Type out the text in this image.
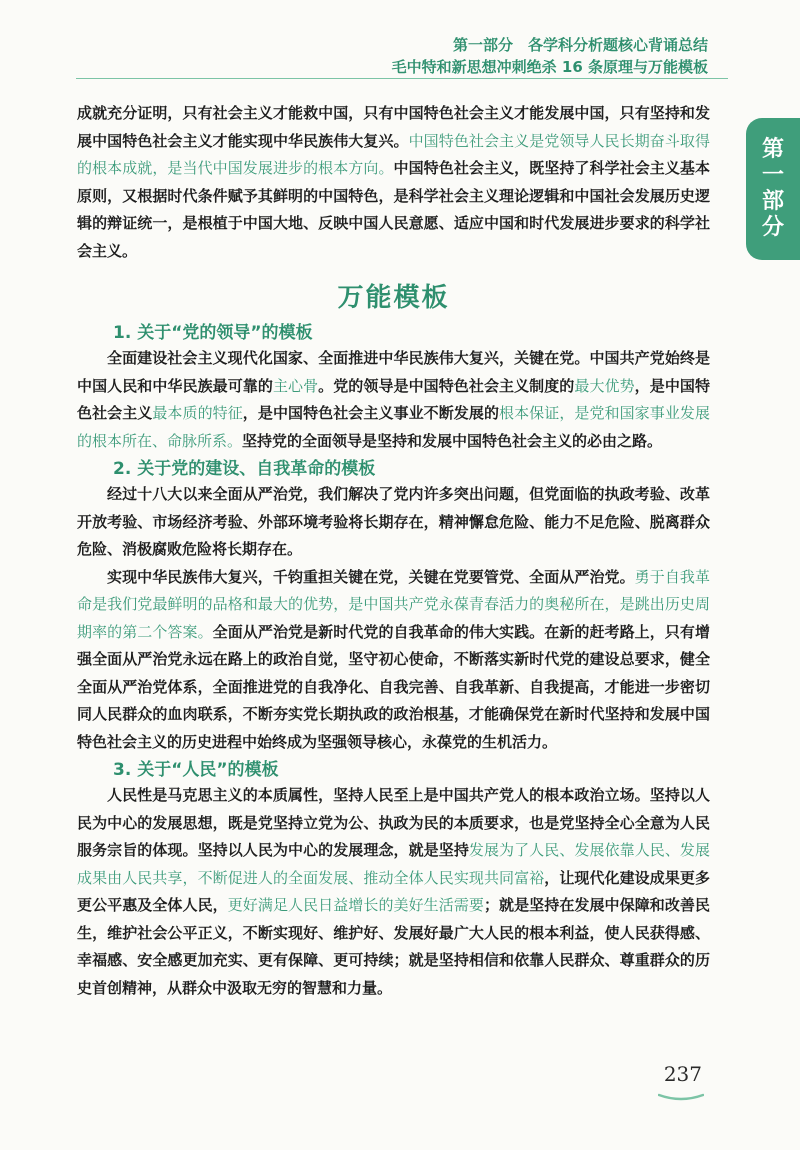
第一部分　各学科分析题核心背诵总结
毛中特和新思想冲刺绝杀 16 条原理与万能模板
第
一
部
分

成就充分证明，只有社会主义才能救中国，只有中国特色社会主义才能发展中国，只有坚持和发展中国特色社会主义才能实现中华民族伟大复兴。中国特色社会主义是党领导人民长期奋斗取得的根本成就，是当代中国发展进步的根本方向。中国特色社会主义，既坚持了科学社会主义基本原则，又根据时代条件赋予其鲜明的中国特色，是科学社会主义理论逻辑和中国社会发展历史逻辑的辩证统一，是根植于中国大地、反映中国人民意愿、适应中国和时代发展进步要求的科学社会主义。

万能模板
1. 关于“党的领导”的模板

全面建设社会主义现代化国家、全面推进中华民族伟大复兴，关键在党。中国共产党始终是中国人民和中华民族最可靠的主心骨。党的领导是中国特色社会主义制度的最大优势，是中国特色社会主义最本质的特征，是中国特色社会主义事业不断发展的根本保证，是党和国家事业发展的根本所在、命脉所系。坚持党的全面领导是坚持和发展中国特色社会主义的必由之路。

2. 关于党的建设、自我革命的模板

经过十八大以来全面从严治党，我们解决了党内许多突出问题，但党面临的执政考验、改革开放考验、市场经济考验、外部环境考验将长期存在，精神懈怠危险、能力不足危险、脱离群众危险、消极腐败危险将长期存在。

实现中华民族伟大复兴，千钧重担关键在党，关键在党要管党、全面从严治党。勇于自我革命是我们党最鲜明的品格和最大的优势，是中国共产党永葆青春活力的奥秘所在，是跳出历史周期率的第二个答案。全面从严治党是新时代党的自我革命的伟大实践。在新的赶考路上，只有增强全面从严治党永远在路上的政治自觉，坚守初心使命，不断落实新时代党的建设总要求，健全全面从严治党体系，全面推进党的自我净化、自我完善、自我革新、自我提高，才能进一步密切同人民群众的血肉联系，不断夯实党长期执政的政治根基，才能确保党在新时代坚持和发展中国特色社会主义的历史进程中始终成为坚强领导核心，永葆党的生机活力。

3. 关于“人民”的模板

人民性是马克思主义的本质属性，坚持人民至上是中国共产党人的根本政治立场。坚持以人民为中心的发展思想，既是党坚持立党为公、执政为民的本质要求，也是党坚持全心全意为人民服务宗旨的体现。坚持以人民为中心的发展理念，就是坚持发展为了人民、发展依靠人民、发展成果由人民共享，不断促进人的全面发展、推动全体人民实现共同富裕，让现代化建设成果更多更公平惠及全体人民，更好满足人民日益增长的美好生活需要；就是坚持在发展中保障和改善民生，维护社会公平正义，不断实现好、维护好、发展好最广大人民的根本利益，使人民获得感、幸福感、安全感更加充实、更有保障、更可持续；就是坚持相信和依靠人民群众、尊重群众的历史首创精神，从群众中汲取无穷的智慧和力量。

237
